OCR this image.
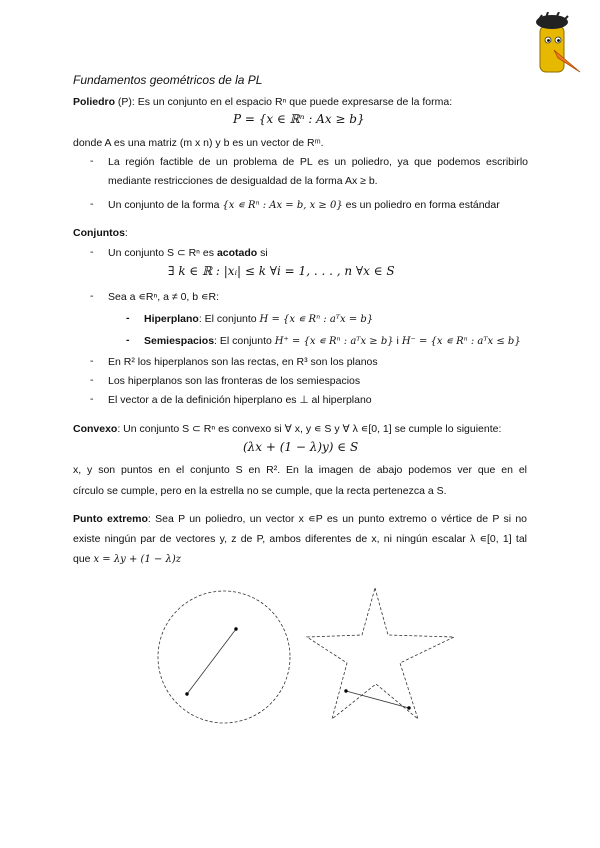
Fundamentos geométricos de la PL
Poliedro (P): Es un conjunto en el espacio Rⁿ que puede expresarse de la forma:
P = {x ∈ ℝⁿ : Ax ≥ b}
donde A es una matriz (m x n) y b es un vector de Rᵐ.
- La región factible de un problema de PL es un poliedro, ya que podemos escribirlo
mediante restricciones de desigualdad de la forma Ax ≥ b.
- Un conjunto de la forma {x ∊ Rⁿ : Ax = b, x ≥ 0} es un poliedro en forma estándar
Conjuntos:
- Un conjunto S ⊂ Rⁿ es acotado si
∃ k ∈ ℝ : |xᵢ| ≤ k ∀i = 1, . . . , n ∀x ∈ S
- Sea a ∊Rⁿ, a ≠ 0, b ∊R:
- Hiperplano: El conjunto H = {x ∊ Rⁿ : aᵀx = b}
- Semiespacios: El conjunto H⁺ = {x ∊ Rⁿ : aᵀx ≥ b} i H⁻ = {x ∊ Rⁿ : aᵀx ≤ b}
- En R² los hiperplanos son las rectas, en R³ son los planos
- Los hiperplanos son las fronteras de los semiespacios
- El vector a de la definición hiperplano es ⊥ al hiperplano
Convexo: Un conjunto S ⊂ Rⁿ es convexo si ∀ x, y ∊ S y ∀ λ ∊[0, 1] se cumple lo siguiente:
(λx + (1 − λ)y) ∈ S
x, y son puntos en el conjunto S en R². En la imagen de abajo podemos ver que en el
círculo se cumple, pero en la estrella no se cumple, que la recta pertenezca a S.
Punto extremo: Sea P un poliedro, un vector x ∊P es un punto extremo o vértice de P si no
existe ningún par de vectores y, z de P, ambos diferentes de x, ni ningún escalar λ ∊[0, 1] tal
que x = λy + (1 − λ)z
